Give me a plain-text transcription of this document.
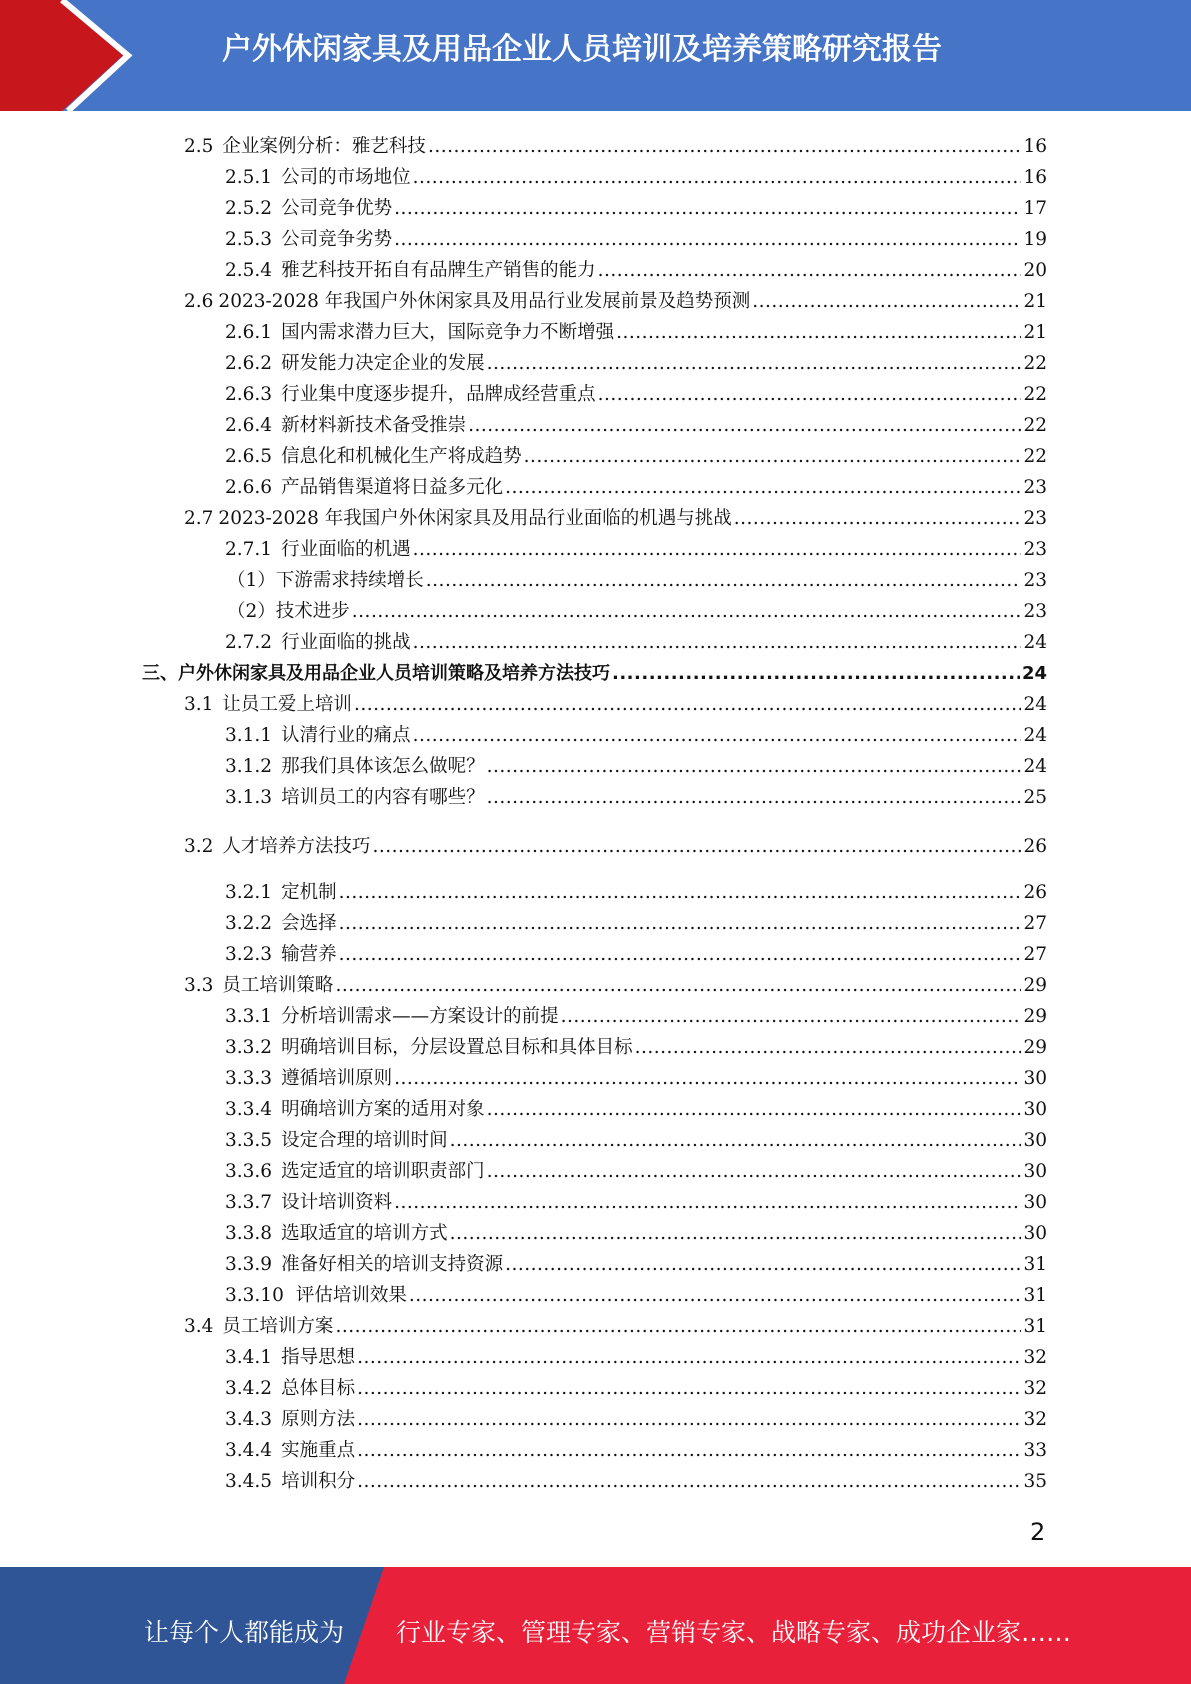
户外休闲家具及用品企业人员培训及培养策略研究报告
2.5 企业案例分析：雅艺科技 .....	16
2.5.1 公司的市场地位 .....	16
2.5.2 公司竞争优势 .....	17
2.5.3 公司竞争劣势 .....	19
2.5.4 雅艺科技开拓自有品牌生产销售的能力 .....	20
2.6 2023-2028 年我国户外休闲家具及用品行业发展前景及趋势预测 .....	21
2.6.1 国内需求潜力巨大，国际竞争力不断增强 .....	21
2.6.2 研发能力决定企业的发展 .....	22
2.6.3 行业集中度逐步提升，品牌成经营重点 .....	22
2.6.4 新材料新技术备受推崇 .....	22
2.6.5 信息化和机械化生产将成趋势 .....	22
2.6.6 产品销售渠道将日益多元化 .....	23
2.7 2023-2028 年我国户外休闲家具及用品行业面临的机遇与挑战 .....	23
2.7.1 行业面临的机遇 .....	23
（1） 下游需求持续增长 .....	23
（2） 技术进步 .....	23
2.7.2 行业面临的挑战 .....	24
三、 户外休闲家具及用品企业人员培训策略及培养方法技巧 .....	24
3.1 让员工爱上培训 .....	24
3.1.1 认清行业的痛点 .....	24
3.1.2 那我们具体该怎么做呢？ .....	24
3.1.3 培训员工的内容有哪些？ .....	25
3.2 人才培养方法技巧 .....	26
3.2.1 定机制 .....	26
3.2.2 会选择 .....	27
3.2.3 输营养 .....	27
3.3 员工培训策略 .....	29
3.3.1 分析培训需求——方案设计的前提 .....	29
3.3.2 明确培训目标，分层设置总目标和具体目标 .....	29
3.3.3 遵循培训原则 .....	30
3.3.4 明确培训方案的适用对象 .....	30
3.3.5 设定合理的培训时间 .....	30
3.3.6 选定适宜的培训职责部门 .....	30
3.3.7 设计培训资料 .....	30
3.3.8 选取适宜的培训方式 .....	30
3.3.9 准备好相关的培训支持资源 .....	31
3.3.10 评估培训效果 .....	31
3.4 员工培训方案 .....	31
3.4.1 指导思想 .....	32
3.4.2 总体目标 .....	32
3.4.3 原则方法 .....	32
3.4.4 实施重点 .....	33
3.4.5 培训积分 .....	35
2
让每个人都能成为 行业专家、管理专家、营销专家、战略专家、成功企业家……
